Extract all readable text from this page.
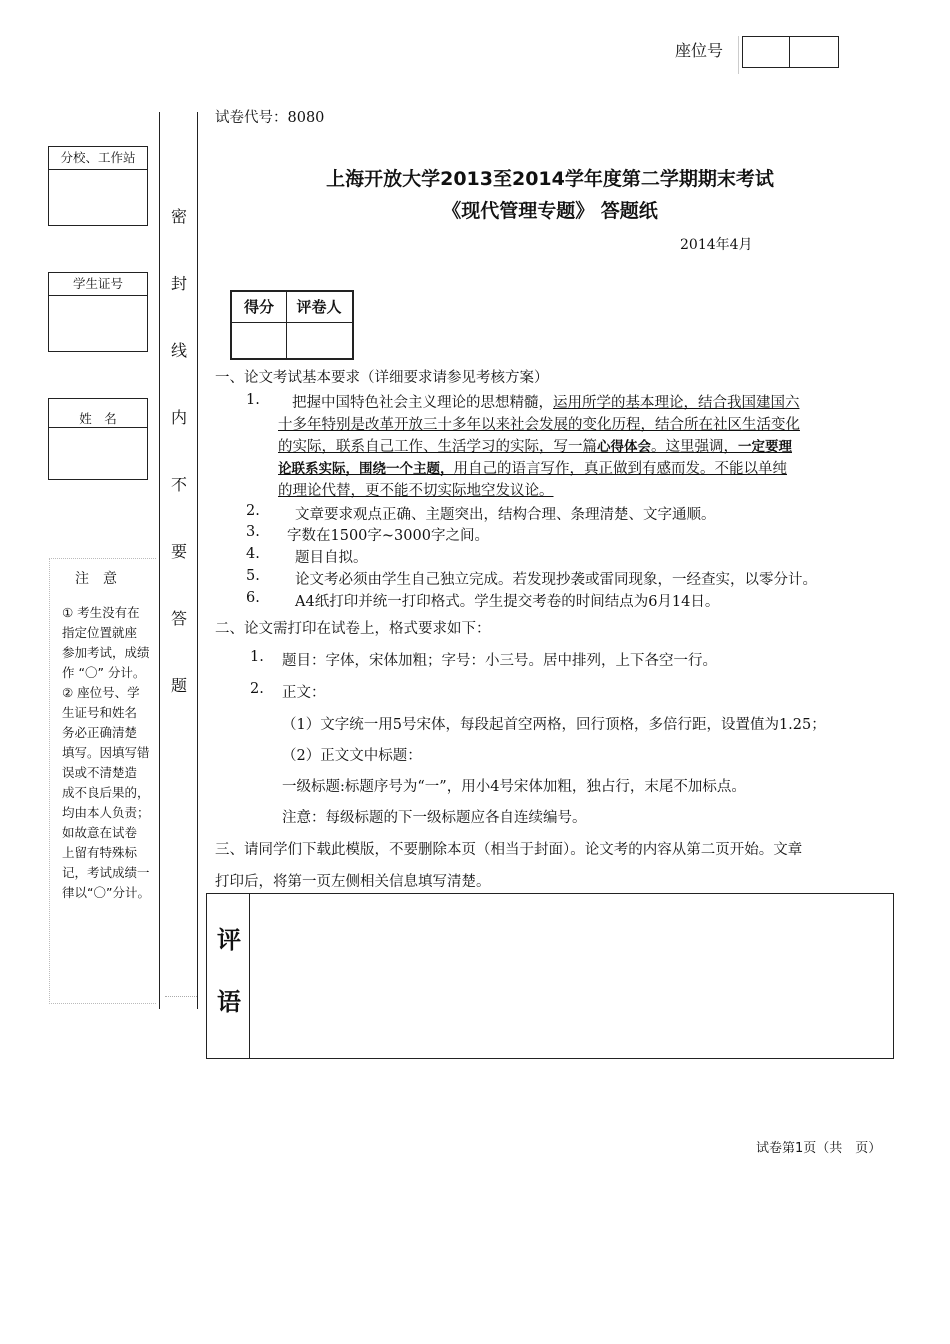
座位号
分校、工作站
学生证号
姓　名
注意
① 考生没有在
指定位置就座
参加考试，成绩
作 “〇” 分计。
② 座位号、学
生证号和姓名
务必正确清楚
填写。因填写错
误或不清楚造
成不良后果的，
均由本人负责；
如故意在试卷
上留有特殊标
记，考试成绩一
律以“〇”分计。
密
封
线
内
不
要
答
题
试卷代号：8080
上海开放大学2013至2014学年度第二学期期末考试
《现代管理专题》 答题纸
2014年4月
得分	评卷人
一、论文考试基本要求（详细要求请参见考核方案）
1.	把握中国特色社会主义理论的思想精髓，运用所学的基本理论，结合我国建国六
十多年特别是改革开放三十多年以来社会发展的变化历程，结合所在社区生活变化
的实际，联系自己工作、生活学习的实际，写一篇心得体会。这里强调，一定要理
论联系实际，围绕一个主题，用自己的语言写作，真正做到有感而发。不能以单纯
的理论代替，更不能不切实际地空发议论。
2. 文章要求观点正确、主题突出，结构合理、条理清楚、文字通顺。
3. 字数在1500字~3000字之间。
4. 题目自拟。
5. 论文考必须由学生自己独立完成。若发现抄袭或雷同现象，一经查实，以零分计。
6. A4纸打印并统一打印格式。学生提交考卷的时间结点为6月14日。
二、论文需打印在试卷上，格式要求如下：
1. 题目：字体，宋体加粗；字号：小三号。居中排列，上下各空一行。
2. 正文：
（1）文字统一用5号宋体，每段起首空两格，回行顶格，多倍行距，设置值为1.25；
（2）正文文中标题：
一级标题:标题序号为“一”，用小4号宋体加粗，独占行，末尾不加标点。
注意：每级标题的下一级标题应各自连续编号。
三、请同学们下载此模版，不要删除本页（相当于封面）。论文考的内容从第二页开始。文章
打印后，将第一页左侧相关信息填写清楚。
评
语
试卷第1页（共　页）
